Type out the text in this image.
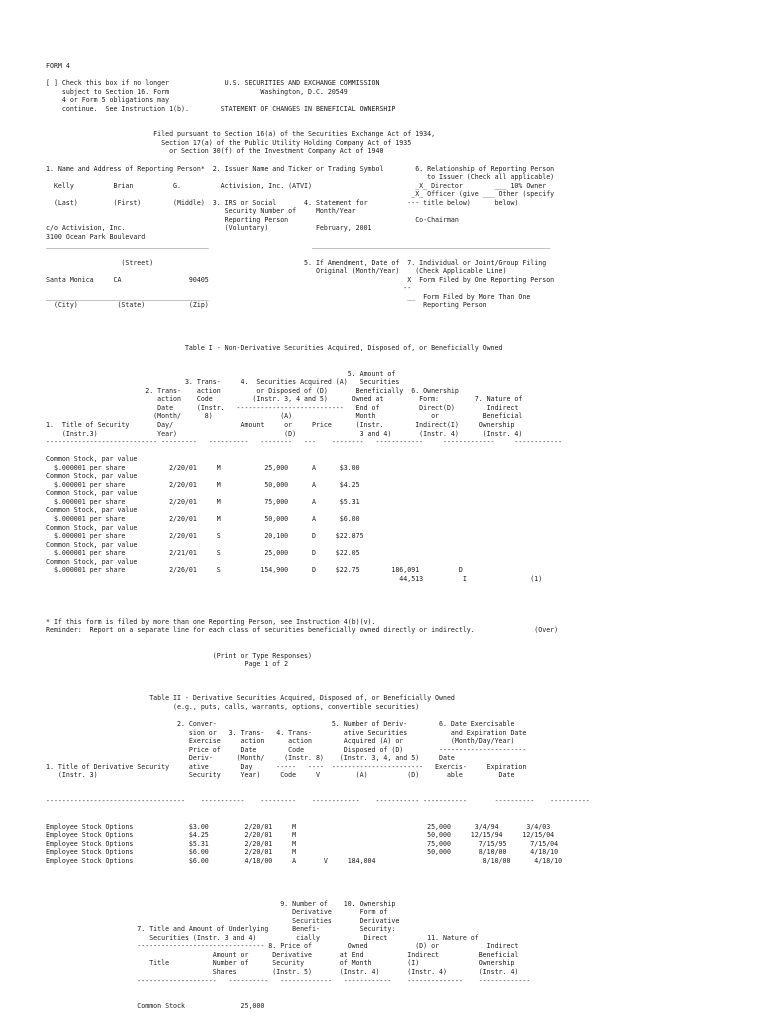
FORM 4
[ ] Check this box if no longer              U.S. SECURITIES AND EXCHANGE COMMISSION
subject to Section 16. Form                       Washington, D.C. 20549
4 or Form 5 obligations may
continue.  See Instruction 1(b).        STATEMENT OF CHANGES IN BENEFICIAL OWNERSHIP
Filed pursuant to Section 16(a) of the Securities Exchange Act of 1934,
Section 17(a) of the Public Utility Holding Company Act of 1935
or Section 30(f) of the Investment Company Act of 1940
1. Name and Address of Reporting Person*  2. Issuer Name and Ticker or Trading Symbol        6. Relationship of Reporting Person
to Issuer (Check all applicable)
Kelly          Brian          G.          Activision, Inc. (ATVI)                          _X_ Director        ___ 10% Owner
_X_ Officer (give ___ Other (specify
(Last)         (First)        (Middle)  3. IRS or Social       4. Statement for          --- title below)      below)
Security Number of     Month/Year
Reporting Person                                Co-Chairman
c/o Activision, Inc.                         (Voluntary)            February, 2001
3100 Ocean Park Boulevard
_________________________________________                          ____________________________________________________________
(Street)                                      5. If Amendment, Date of  7. Individual or Joint/Group Filing
Original (Month/Year)    (Check Applicable Line)
Santa Monica     CA                 90405                                                  X  Form Filed by One Reporting Person
--
_________________________________________                                                  __  Form Filed by More Than One
(City)          (State)           (Zip)                                                      Reporting Person
Table I - Non-Derivative Securities Acquired, Disposed of, or Beneficially Owned
5. Amount of
3. Trans-     4.  Securities Acquired (A)   Securities
2. Trans-    action         or Disposed of (D)       Beneficially  6. Ownership
action    Code          (Instr. 3, 4 and 5)      Owned at         Form:         7. Nature of
Date      (Instr.   ---------------------------   End of          Direct(D)        Indirect
(Month/      8)                 (A)                Month              or           Beneficial
1.  Title of Security       Day/                 Amount     or     Price      (Instr.        Indirect(I)     Ownership
(Instr.3)               Year)                           (D)                3 and 4)       (Instr. 4)      (Instr. 4)
---------------------------- ---------   ----------   --------   ---    --------   ------------     -------------     ------------
Common Stock, par value
$.000001 per share           2/20/01     M           25,000      A      $3.00
Common Stock, par value
$.000001 per share           2/20/01     M           50,000      A      $4.25
Common Stock, par value
$.000001 per share           2/20/01     M           75,000      A      $5.31
Common Stock, par value
$.000001 per share           2/20/01     M           50,000      A      $6.00
Common Stock, par value
$.000001 per share           2/20/01     S           20,100      D     $22.875
Common Stock, par value
$.000001 per share           2/21/01     S           25,000      D     $22.05
Common Stock, par value
$.000001 per share           2/26/01     S          154,900      D     $22.75        186,091          D
44,513          I                (1)
* If this form is filed by more than one Reporting Person, see Instruction 4(b)(v).
Reminder:  Report on a separate line for each class of securities beneficially owned directly or indirectly.               (Over)
(Print or Type Responses)
Page 1 of 2
Table II - Derivative Securities Acquired, Disposed of, or Beneficially Owned
(e.g., puts, calls, warrants, options, convertible securities)
2. Conver-                             5. Number of Deriv-        6. Date Exercisable
sion or   3. Trans-   4. Trans-        ative Securities           and Expiration Date
Exercise     action      action        Acquired (A) or            (Month/Day/Year)
Price of     Date        Code          Disposed of (D)         ----------------------
Deriv-      (Month/     (Instr. 8)    (Instr. 3, 4, and 5)     Date
1. Title of Derivative Security     ative        Day      -----   ----  -----------------------   Exercis-     Expiration
(Instr. 3)                       Security     Year)     Code     V         (A)          (D)       able         Date
-----------------------------------    -----------    ---------    ------------    ----------- -----------       ----------    ----------
Employee Stock Options              $3.00         2/20/01     M                                 25,000      3/4/94       3/4/03
Employee Stock Options              $4.25         2/20/01     M                                 50,000     12/15/94     12/15/04
Employee Stock Options              $5.31         2/20/01     M                                 75,000       7/15/95      7/15/04
Employee Stock Options              $6.00         2/20/01     M                                 50,000       8/10/00      4/18/10
Employee Stock Options              $6.00         4/18/00     A       V     184,004                           8/10/00      4/18/10
9. Number of    10. Ownership
Derivative       Form of
Securities       Derivative
7. Title and Amount of Underlying      Benefi-          Security:
Securities (Instr. 3 and 4)          cially           Direct          11. Nature of
-------------------------------- 8. Price of         Owned            (D) or            Indirect
Amount or      Derivative       at End           Indirect          Beneficial
Title           Number of      Security         of Month         (I)               Ownership
Shares         (Instr. 5)       (Instr. 4)       (Instr. 4)        (Instr. 4)
--------------------   ----------   -------------   ------------    --------------    -------------
Common Stock              25,000
